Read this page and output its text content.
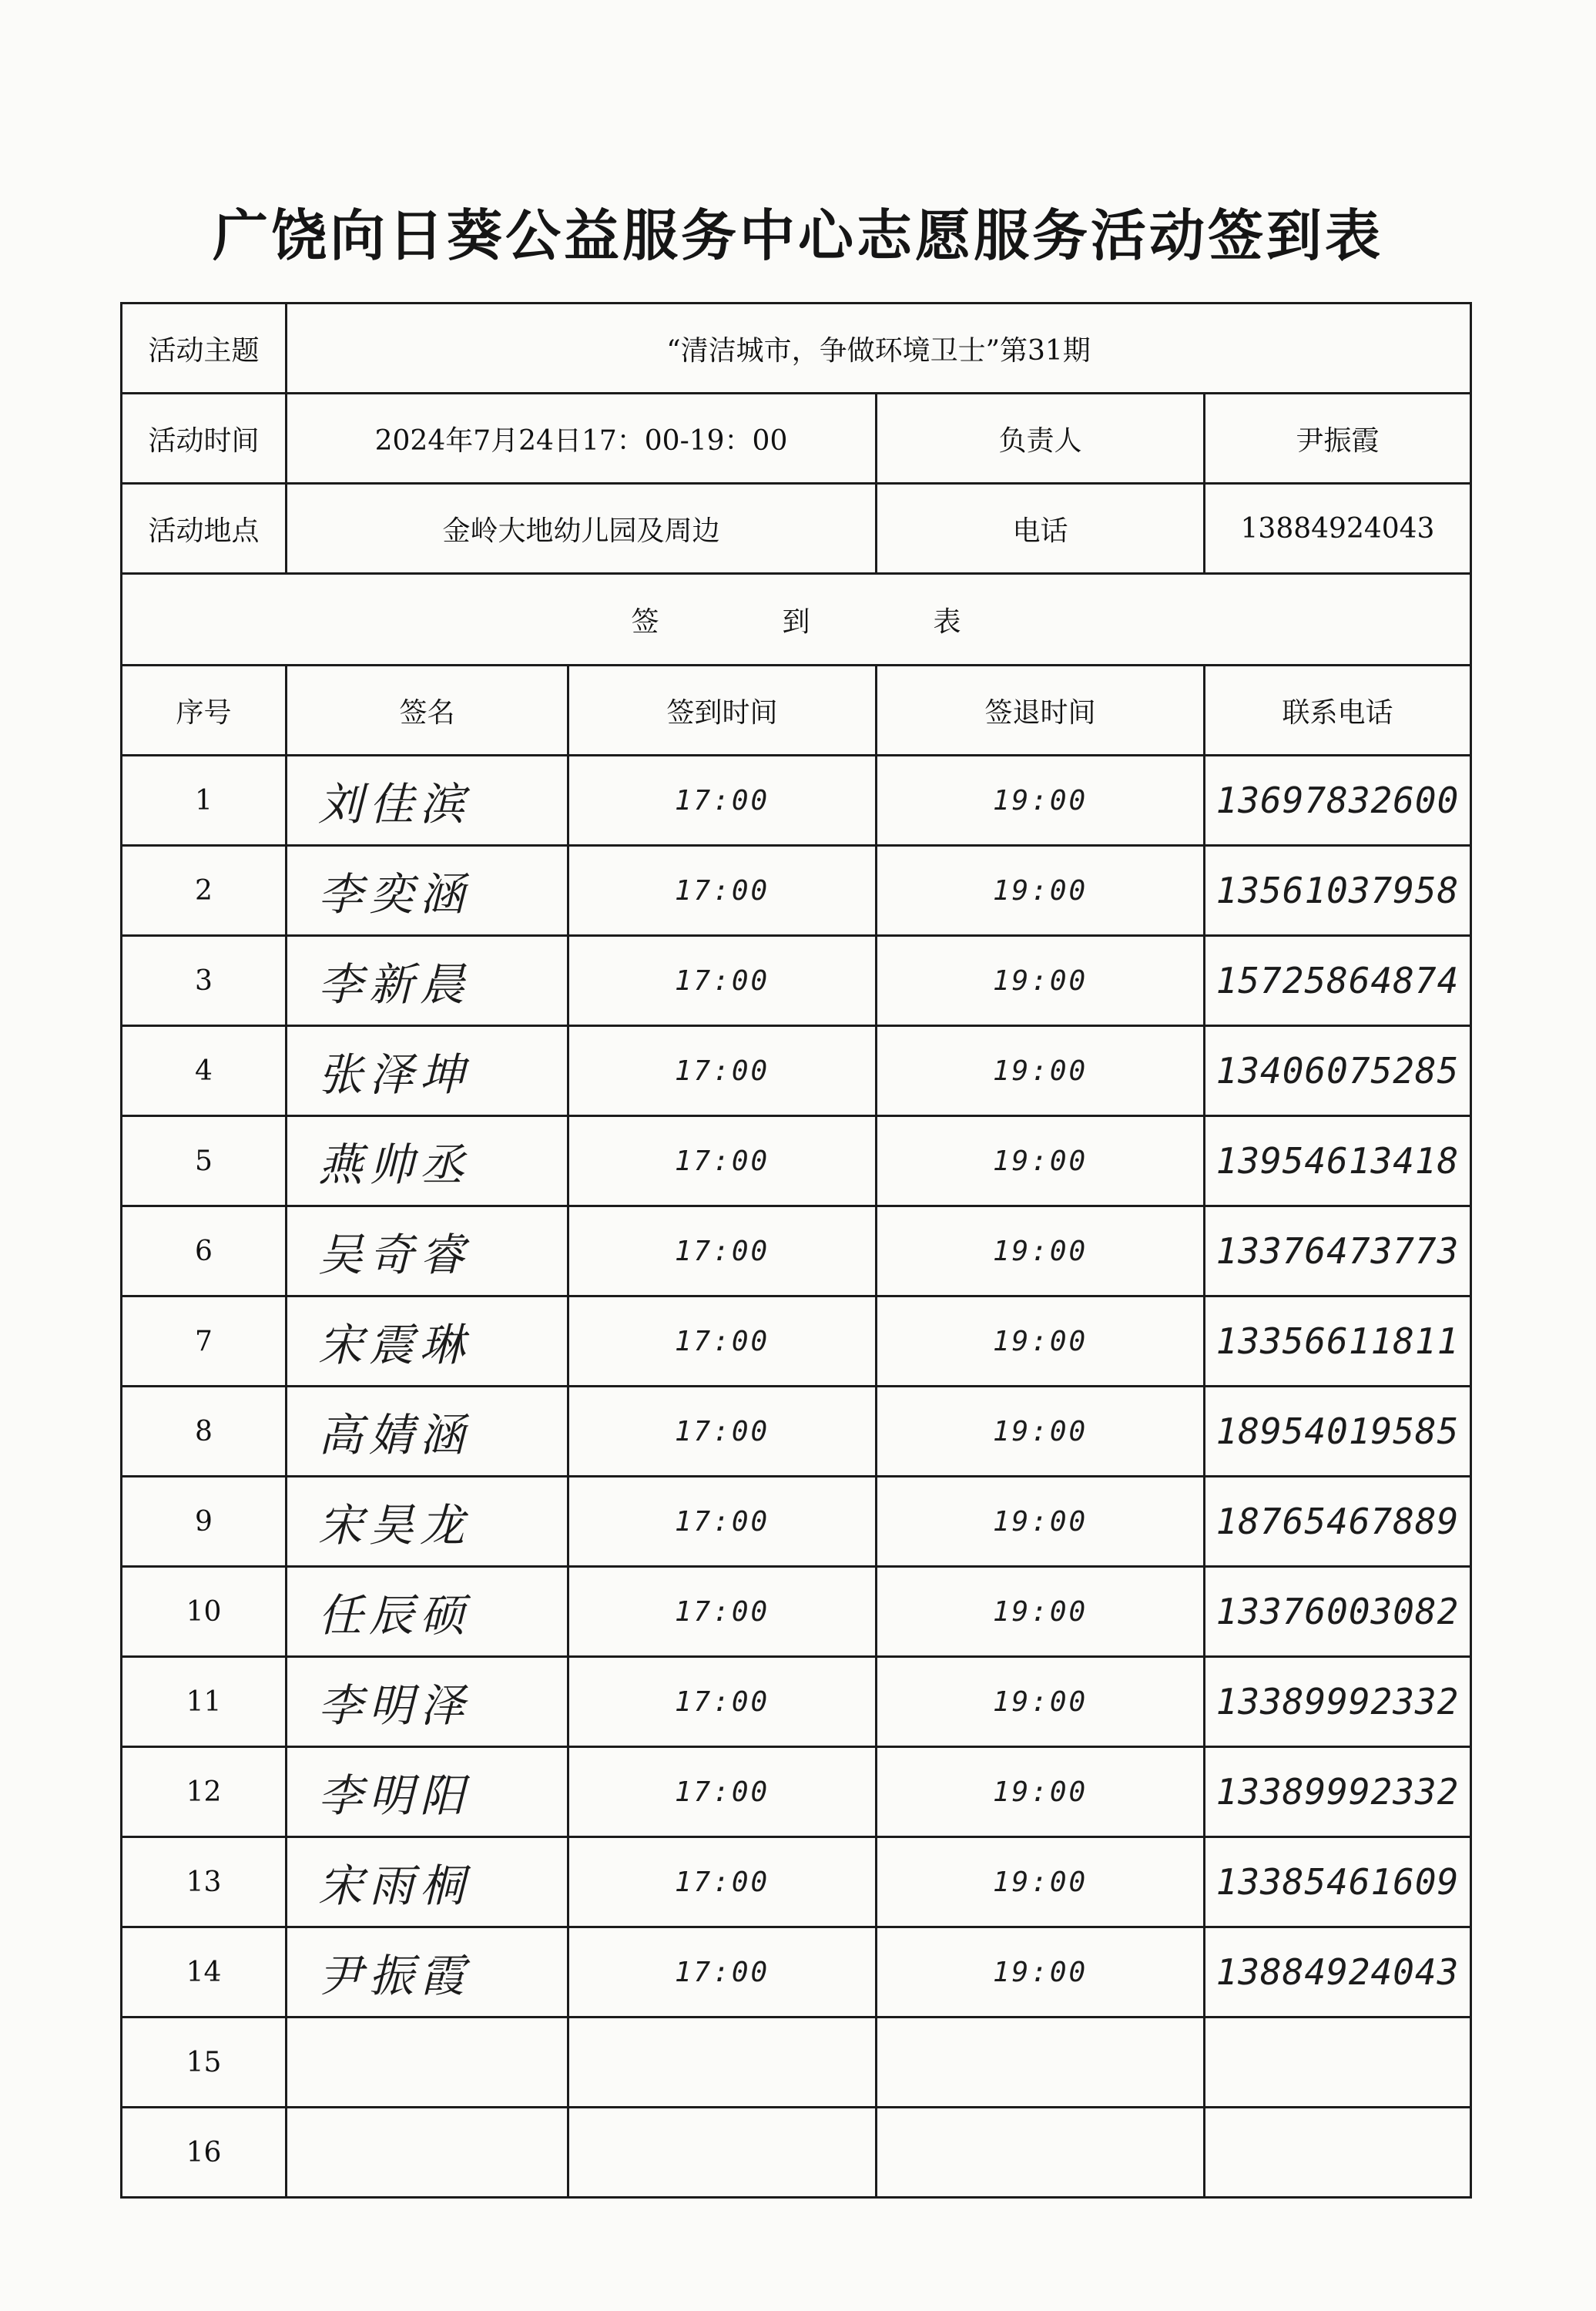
广饶向日葵公益服务中心志愿服务活动签到表
活动主题	“清洁城市，争做环境卫士”第31期			
活动时间	2024年7月24日17：00-19：00		负责人	尹振霞
活动地点	金岭大地幼儿园及周边		电话	13884924043
签到表				
序号	签名	签到时间	签退时间	联系电话
1	刘佳滨	17:00	19:00	13697832600
2	李奕涵	17:00	19:00	13561037958
3	李新晨	17:00	19:00	15725864874
4	张泽坤	17:00	19:00	13406075285
5	燕帅丞	17:00	19:00	13954613418
6	吴奇睿	17:00	19:00	13376473773
7	宋震琳	17:00	19:00	13356611811
8	高婧涵	17:00	19:00	18954019585
9	宋昊龙	17:00	19:00	18765467889
10	任辰硕	17:00	19:00	13376003082
11	李明泽	17:00	19:00	13389992332
12	李明阳	17:00	19:00	13389992332
13	宋雨桐	17:00	19:00	13385461609
14	尹振霞	17:00	19:00	13884924043
15				
16				
